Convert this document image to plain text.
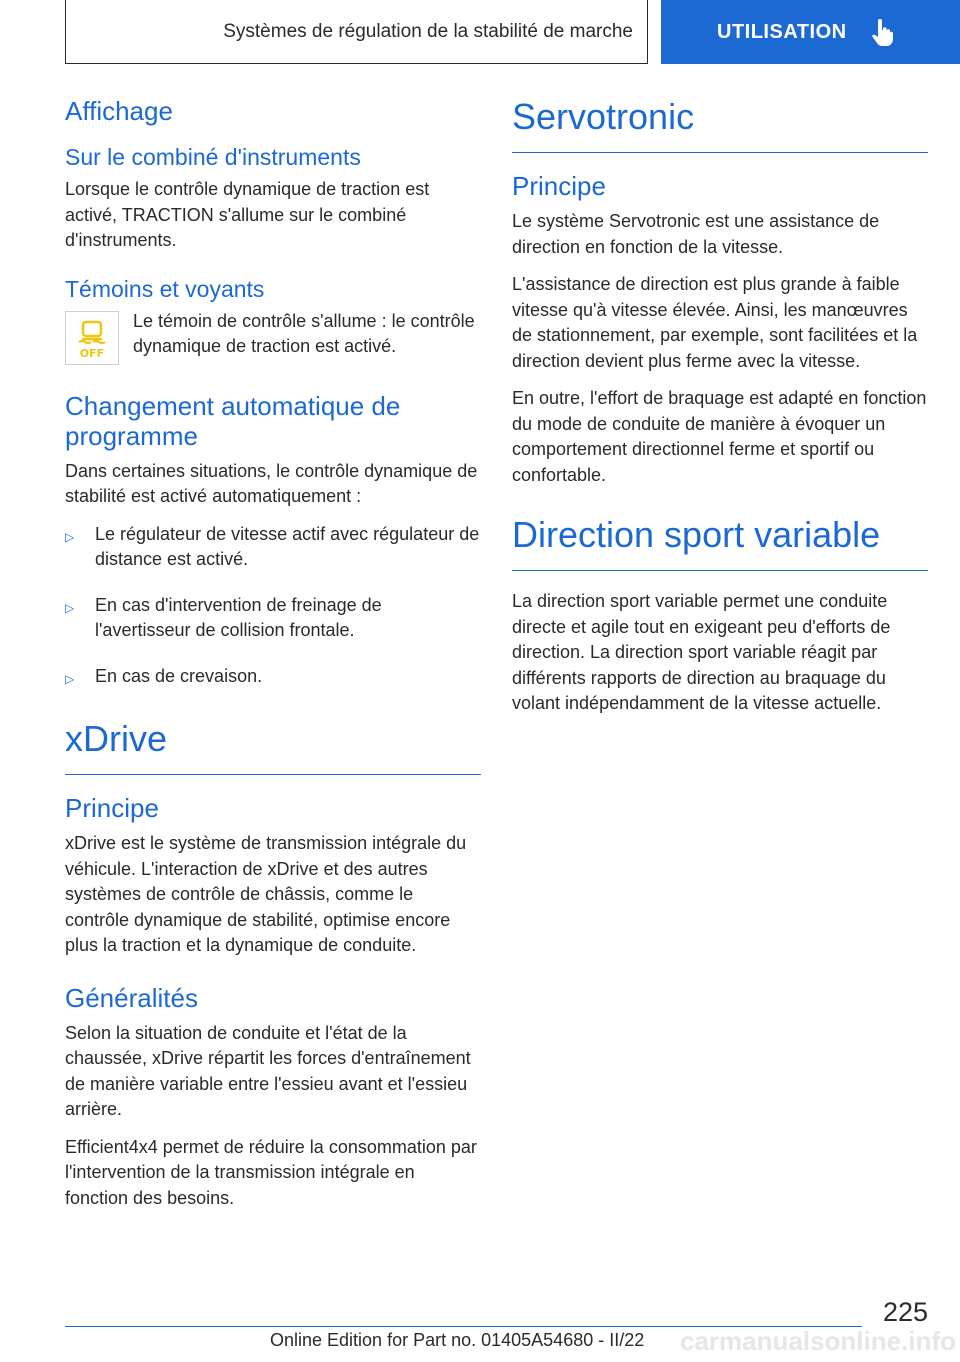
Systèmes de régulation de la stabilité de marche	UTILISATION
Affichage
Sur le combiné d'instruments

Lorsque le contrôle dynamique de traction est activé, TRACTION s'allume sur le combiné d'instruments.

Témoins et voyants
OFF

Le témoin de contrôle s'allume : le contrôle dynamique de traction est activé.

Changement automatique de programme

Dans certaines situations, le contrôle dynamique de stabilité est activé automatiquement :

▷	Le régulateur de vitesse actif avec régulateur de distance est activé.
▷	En cas d'intervention de freinage de l'avertisseur de collision frontale.
▷	En cas de crevaison.
xDrive
Principe

xDrive est le système de transmission intégrale du véhicule. L'interaction de xDrive et des autres systèmes de contrôle de châssis, comme le contrôle dynamique de stabilité, optimise encore plus la traction et la dynamique de conduite.

Généralités

Selon la situation de conduite et l'état de la chaussée, xDrive répartit les forces d'entraînement de manière variable entre l'essieu avant et l'essieu arrière.

Efficient4x4 permet de réduire la consommation par l'intervention de la transmission intégrale en fonction des besoins.

Servotronic
Principe

Le système Servotronic est une assistance de direction en fonction de la vitesse.

L'assistance de direction est plus grande à faible vitesse qu'à vitesse élevée. Ainsi, les manœuvres de stationnement, par exemple, sont facilitées et la direction devient plus ferme avec la vitesse.

En outre, l'effort de braquage est adapté en fonction du mode de conduite de manière à évoquer un comportement directionnel ferme et sportif ou confortable.

Direction sport variable

La direction sport variable permet une conduite directe et agile tout en exigeant peu d'efforts de direction. La direction sport variable réagit par différents rapports de direction au braquage du volant indépendamment de la vitesse actuelle.

225
carmanualsonline.info
Online Edition for Part no. 01405A54680 - II/22
